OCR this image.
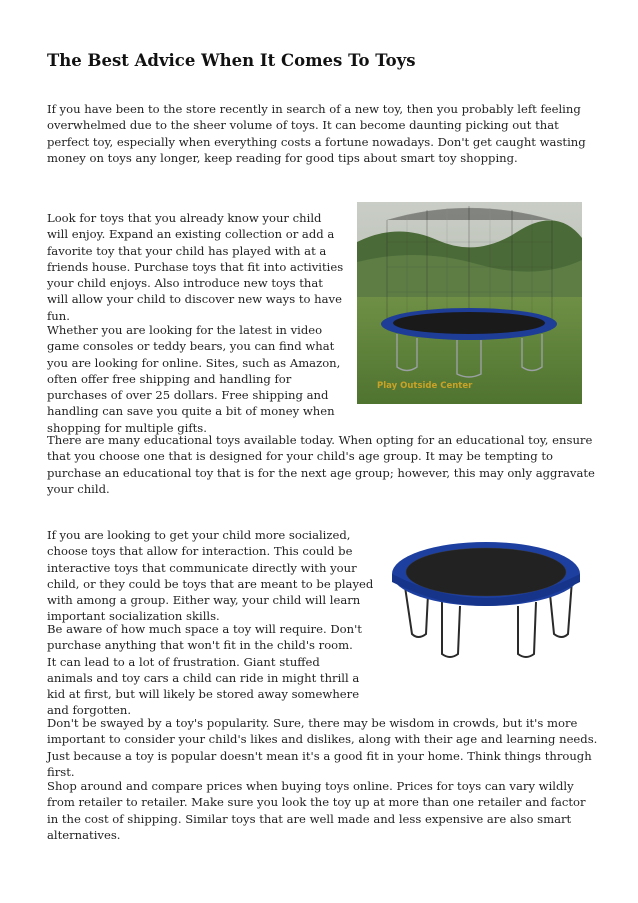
The Best Advice When It Comes To Toys

If you have been to the store recently in search of a new toy, then you probably left feeling overwhelmed due to the sheer volume of toys. It can become daunting picking out that perfect toy, especially when everything costs a fortune nowadays. Don't get caught wasting money on toys any longer, keep reading for good tips about smart toy shopping.

Look for toys that you already know your child will enjoy. Expand an existing collection or add a favorite toy that your child has played with at a friends house. Purchase toys that fit into activities your child enjoys. Also introduce new toys that will allow your child to discover new ways to have fun.

Whether you are looking for the latest in video game consoles or teddy bears, you can find what you are looking for online. Sites, such as Amazon, often offer free shipping and handling for purchases of over 25 dollars. Free shipping and handling can save you quite a bit of money when shopping for multiple gifts.

Play Outside Center

There are many educational toys available today. When opting for an educational toy, ensure that you choose one that is designed for your child's age group. It may be tempting to purchase an educational toy that is for the next age group; however, this may only aggravate your child.

If you are looking to get your child more socialized, choose toys that allow for interaction. This could be interactive toys that communicate directly with your child, or they could be toys that are meant to be played with among a group. Either way, your child will learn important socialization skills.

Be aware of how much space a toy will require. Don't purchase anything that won't fit in the child's room. It can lead to a lot of frustration. Giant stuffed animals and toy cars a child can ride in might thrill a kid at first, but will likely be stored away somewhere and forgotten.

Don't be swayed by a toy's popularity. Sure, there may be wisdom in crowds, but it's more important to consider your child's likes and dislikes, along with their age and learning needs. Just because a toy is popular doesn't mean it's a good fit in your home. Think things through first.

Shop around and compare prices when buying toys online. Prices for toys can vary wildly from retailer to retailer. Make sure you look the toy up at more than one retailer and factor in the cost of shipping. Similar toys that are well made and less expensive are also smart alternatives.
